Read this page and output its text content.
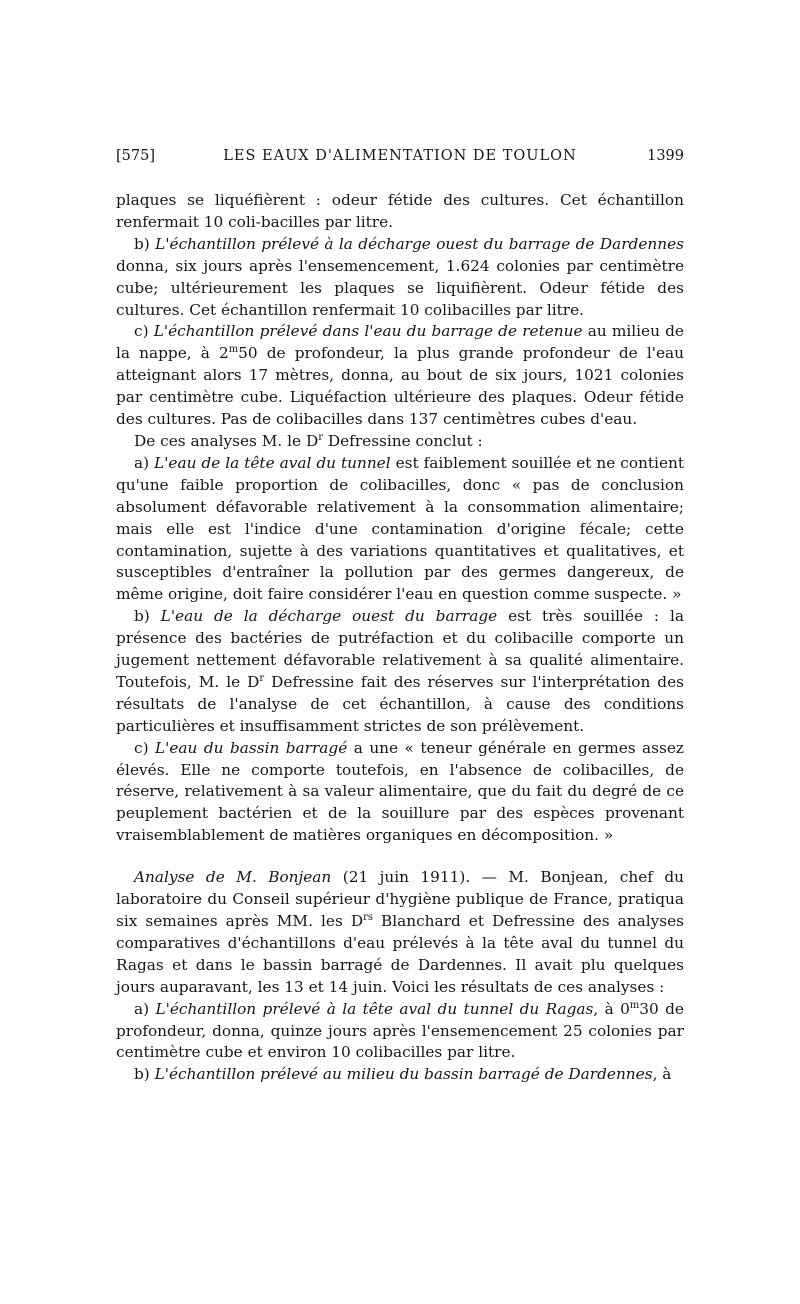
[575]	LES EAUX D'ALIMENTATION DE TOULON	1399

plaques se liquéfièrent : odeur fétide des cultures. Cet échantillon renfermait 10 coli-bacilles par litre.

b) L'échantillon prélevé à la décharge ouest du barrage de Dardennes donna, six jours après l'ensemencement, 1.624 colonies par centimètre cube; ultérieurement les plaques se liquifièrent. Odeur fétide des cultures. Cet échantillon renfermait 10 colibacilles par litre.

c) L'échantillon prélevé dans l'eau du barrage de retenue au milieu de la nappe, à 2$^m$50 de profondeur, la plus grande profondeur de l'eau atteignant alors 17 mètres, donna, au bout de six jours, 1021 colonies par centimètre cube. Liquéfaction ultérieure des plaques. Odeur fétide des cultures. Pas de colibacilles dans 137 centimètres cubes d'eau.

De ces analyses M. le $D^r$ Defressine conclut :

a) L'eau de la tête aval du tunnel est faiblement souillée et ne contient qu'une faible proportion de colibacilles, donc « pas de conclusion absolument défavorable relativement à la consommation alimentaire; mais elle est l'indice d'une contamination d'origine fécale; cette contamination, sujette à des variations quantitatives et qualitatives, et susceptibles d'entraîner la pollution par des germes dangereux, de même origine, doit faire considérer l'eau en question comme suspecte. »

b) L'eau de la décharge ouest du barrage est très souillée : la présence des bactéries de putréfaction et du colibacille comporte un jugement nettement défavorable relativement à sa qualité alimentaire. Toutefois, M. le $D^r$ Defressine fait des réserves sur l'interprétation des résultats de l'analyse de cet échantillon, à cause des conditions particulières et insuffisamment strictes de son prélèvement.

c) L'eau du bassin barragé a une « teneur générale en germes assez élevés. Elle ne comporte toutefois, en l'absence de colibacilles, de réserve, relativement à sa valeur alimentaire, que du fait du degré de ce peuplement bactérien et de la souillure par des espèces provenant vraisemblablement de matières organiques en décomposition. »

Analyse de M. Bonjean (21 juin 1911). — M. Bonjean, chef du laboratoire du Conseil supérieur d'hygiène publique de France, pratiqua six semaines après MM. les $D^{rs}$ Blanchard et Defressine des analyses comparatives d'échantillons d'eau prélevés à la tête aval du tunnel du Ragas et dans le bassin barragé de Dardennes. Il avait plu quelques jours auparavant, les 13 et 14 juin. Voici les résultats de ces analyses :

a) L'échantillon prélevé à la tête aval du tunnel du Ragas, à 0$^m$30 de profondeur, donna, quinze jours après l'ensemencement 25 colonies par centimètre cube et environ 10 colibacilles par litre.

b) L'échantillon prélevé au milieu du bassin barragé de Dardennes, à
